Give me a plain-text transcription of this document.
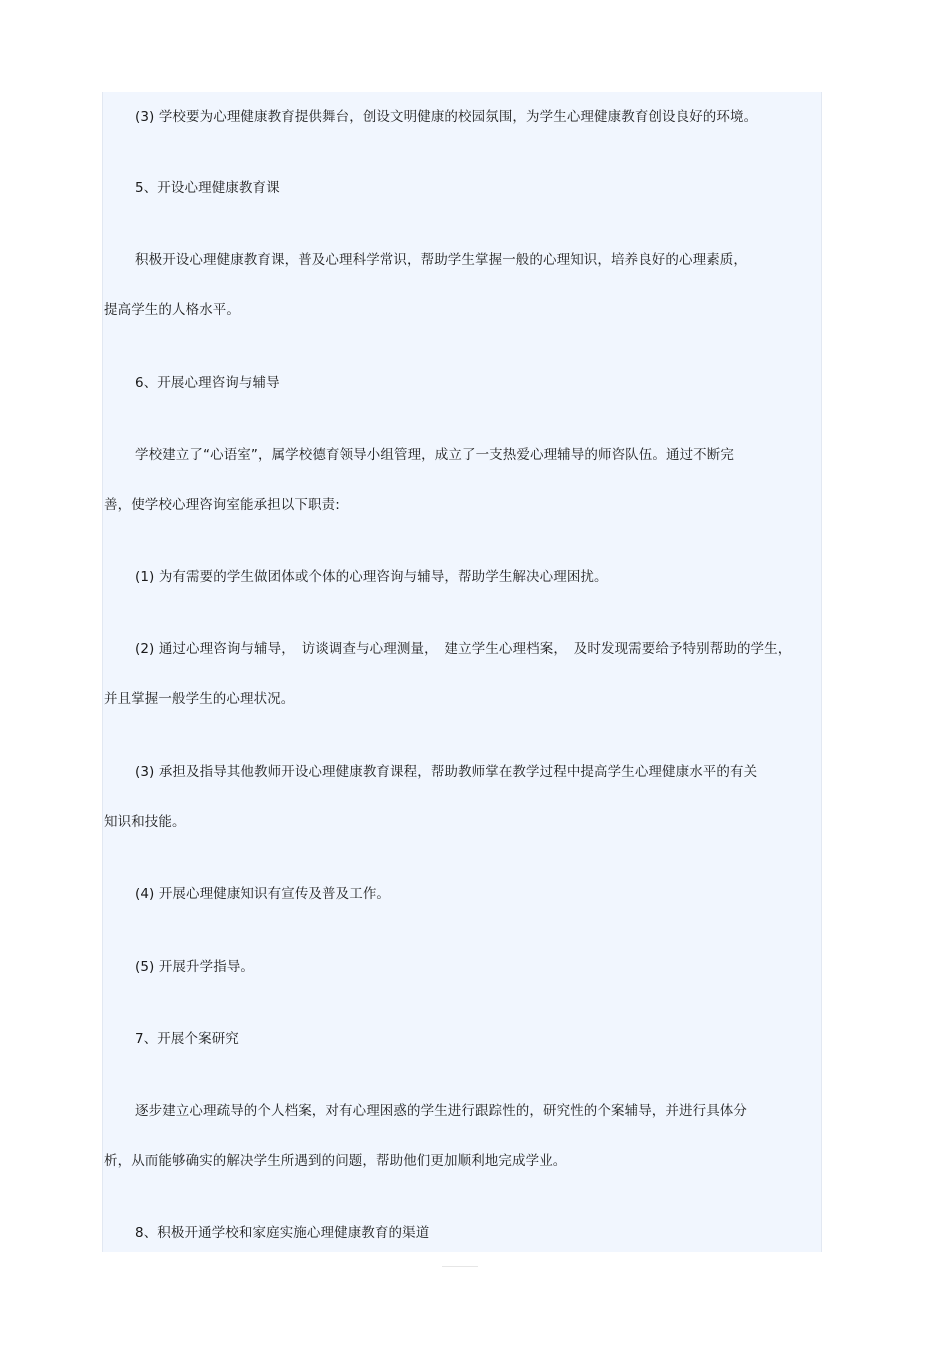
(3) 学校要为心理健康教育提供舞台，创设文明健康的校园氛围，为学生心理健康教育创设良好的环境。
5、开设心理健康教育课
积极开设心理健康教育课，普及心理科学常识，帮助学生掌握一般的心理知识，培养良好的心理素质，
提高学生的人格水平。
6、开展心理咨询与辅导
学校建立了“心语室”，属学校德育领导小组管理，成立了一支热爱心理辅导的师咨队伍。通过不断完
善，使学校心理咨询室能承担以下职责:
(1) 为有需要的学生做团体或个体的心理咨询与辅导，帮助学生解决心理困扰。
(2) 通过心理咨询与辅导，　访谈调查与心理测量，　建立学生心理档案，　及时发现需要给予特别帮助的学生，
并且掌握一般学生的心理状况。
(3) 承担及指导其他教师开设心理健康教育课程，帮助教师掌在教学过程中提高学生心理健康水平的有关
知识和技能。
(4) 开展心理健康知识有宣传及普及工作。
(5) 开展升学指导。
7、开展个案研究
逐步建立心理疏导的个人档案，对有心理困惑的学生进行跟踪性的，研究性的个案辅导，并进行具体分
析，从而能够确实的解决学生所遇到的问题，帮助他们更加顺利地完成学业。
8、积极开通学校和家庭实施心理健康教育的渠道
